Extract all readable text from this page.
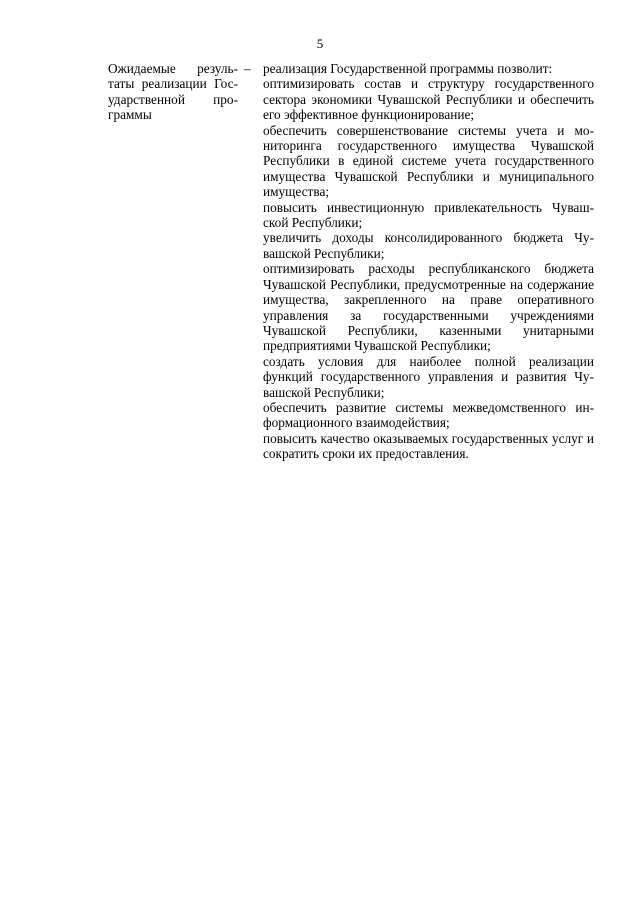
5
Ожидаемые результаты реализации Государственной программы
– реализация Государственной программы позволит:

оптимизировать состав и структуру государственного сектора экономики Чувашской Республики и обеспечить его эффективное функционирование;

обеспечить совершенствование системы учета и мониторинга государственного имущества Чувашской Республики в единой системе учета государственного имущества Чувашской Республики и муниципального имущества;

повысить инвестиционную привлекательность Чувашской Республики;

увеличить доходы консолидированного бюджета Чувашской Республики;

оптимизировать расходы республиканского бюджета Чувашской Республики, предусмотренные на содержание имущества, закрепленного на праве оперативного управления за государственными учреждениями Чувашской Республики, казенными унитарными предприятиями Чувашской Республики;

создать условия для наиболее полной реализации функций государственного управления и развития Чувашской Республики;

обеспечить развитие системы межведомственного информационного взаимодействия;

повысить качество оказываемых государственных услуг и сократить сроки их предоставления.
